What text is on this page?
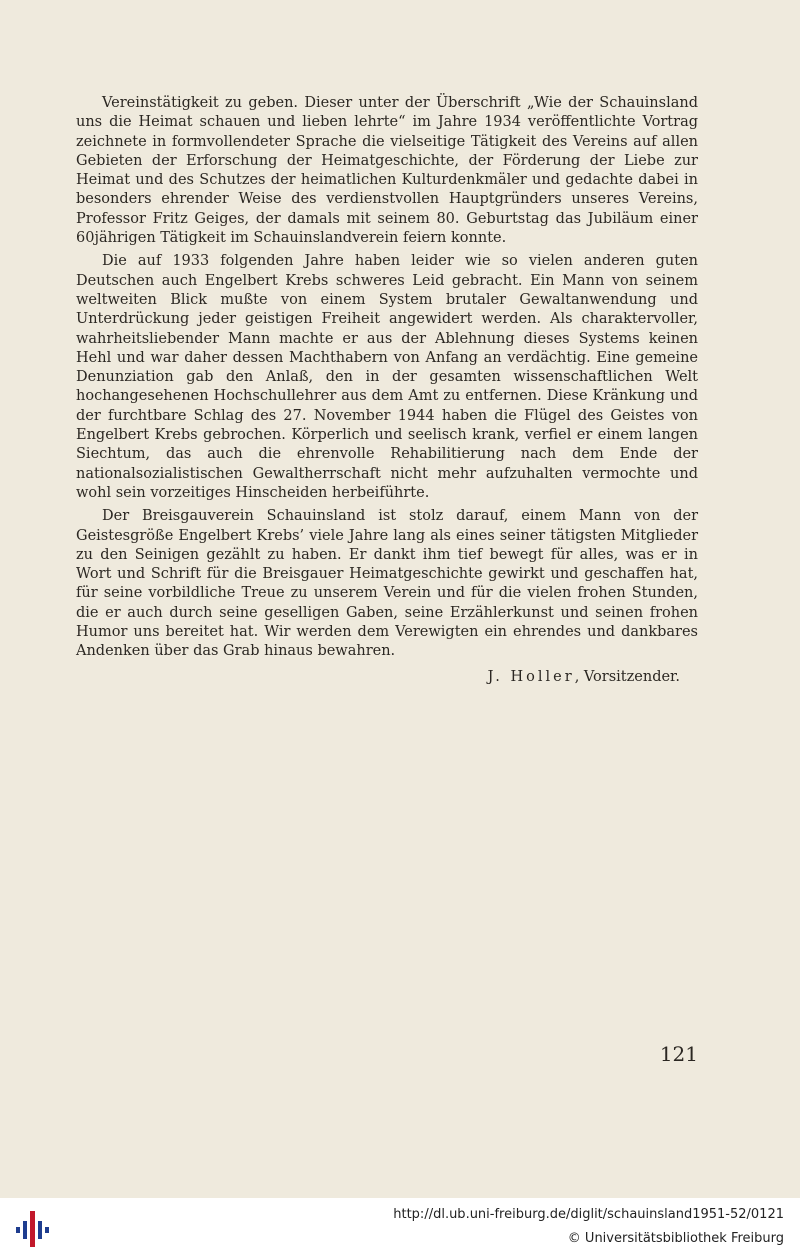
Vereinstätigkeit zu geben. Dieser unter der Überschrift „Wie der Schauinsland uns die Heimat schauen und lieben lehrte“ im Jahre 1934 veröffentlichte Vortrag zeichnete in formvollendeter Sprache die vielseitige Tätigkeit des Vereins auf allen Gebieten der Erforschung der Heimatgeschichte, der Förderung der Liebe zur Heimat und des Schutzes der heimatlichen Kulturdenkmäler und gedachte dabei in besonders ehrender Weise des verdienstvollen Hauptgründers unseres Vereins, Professor Fritz Geiges, der damals mit seinem 80. Geburtstag das Jubiläum einer 60jährigen Tätigkeit im Schauinslandverein feiern konnte.

Die auf 1933 folgenden Jahre haben leider wie so vielen anderen guten Deutschen auch Engelbert Krebs schweres Leid gebracht. Ein Mann von seinem weltweiten Blick mußte von einem System brutaler Gewaltanwendung und Unterdrückung jeder geistigen Freiheit angewidert werden. Als charaktervoller, wahrheitsliebender Mann machte er aus der Ablehnung dieses Systems keinen Hehl und war daher dessen Machthabern von Anfang an verdächtig. Eine gemeine Denunziation gab den Anlaß, den in der gesamten wissenschaftlichen Welt hochangesehenen Hochschullehrer aus dem Amt zu entfernen. Diese Kränkung und der furchtbare Schlag des 27. November 1944 haben die Flügel des Geistes von Engelbert Krebs gebrochen. Körperlich und seelisch krank, verfiel er einem langen Siechtum, das auch die ehrenvolle Rehabilitierung nach dem Ende der nationalsozialistischen Gewaltherrschaft nicht mehr aufzuhalten vermochte und wohl sein vorzeitiges Hinscheiden herbeiführte.

Der Breisgauverein Schauinsland ist stolz darauf, einem Mann von der Geistesgröße Engelbert Krebs’ viele Jahre lang als eines seiner tätigsten Mitglieder zu den Seinigen gezählt zu haben. Er dankt ihm tief bewegt für alles, was er in Wort und Schrift für die Breisgauer Heimatgeschichte gewirkt und geschaffen hat, für seine vorbildliche Treue zu unserem Verein und für die vielen frohen Stunden, die er auch durch seine geselligen Gaben, seine Erzählerkunst und seinen frohen Humor uns bereitet hat. Wir werden dem Verewigten ein ehrendes und dankbares Andenken über das Grab hinaus bewahren.

J. Holler, Vorsitzender.
121
http://dl.ub.uni-freiburg.de/diglit/schauinsland1951-52/0121
© Universitätsbibliothek Freiburg
